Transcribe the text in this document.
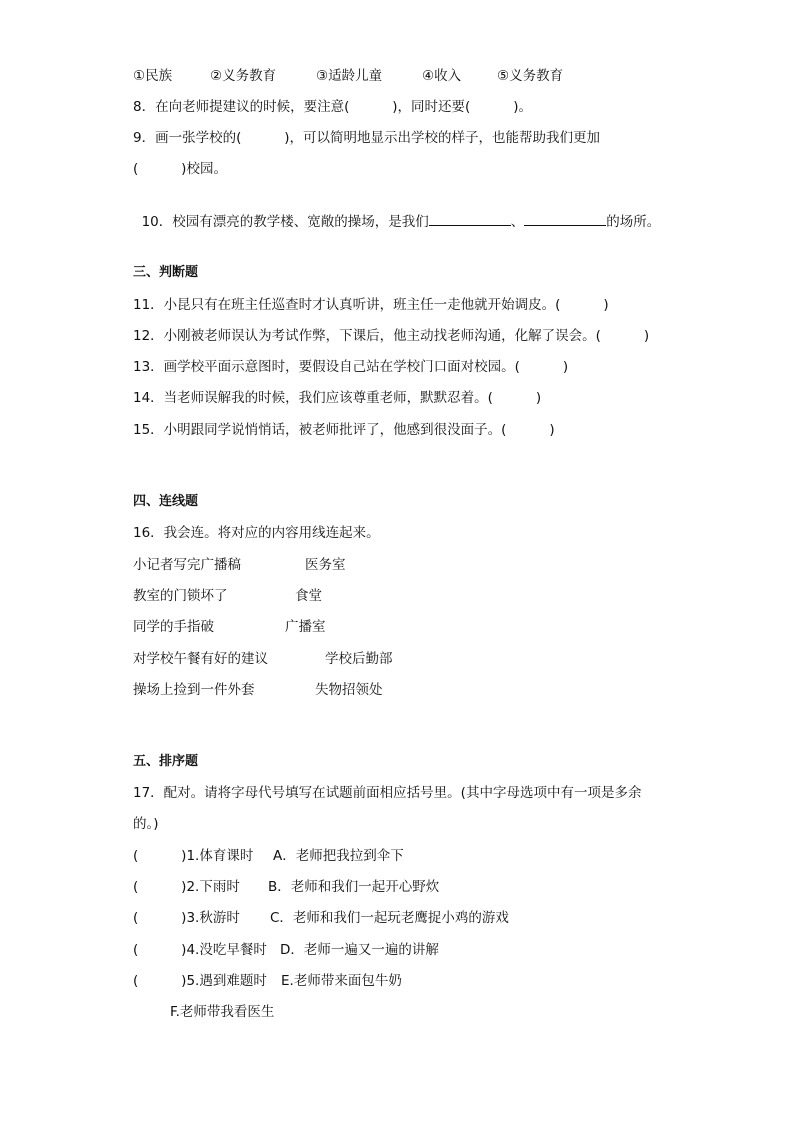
①民族

	②义务教育

	③适龄儿童

	④收入

	⑤义务教育

8．在向老师提建议的时候，要注意(          )，同时还要(          )。
9．画一张学校的(          )，可以简明地显示出学校的样子，也能帮助我们更加
(          )校园。

10．校园有漂亮的教学楼、宽敞的操场，是我们	、	的场所。

三、判断题
11．小昆只有在班主任巡查时才认真听讲，班主任一走他就开始调皮。(          )
12．小刚被老师误认为考试作弊，下课后，他主动找老师沟通，化解了误会。(          )
13．画学校平面示意图时，要假设自己站在学校门口面对校园。(          )
14．当老师误解我的时候，我们应该尊重老师，默默忍着。(          )
15．小明跟同学说悄悄话，被老师批评了，他感到很没面子。(          )
四、连线题
16．我会连。将对应的内容用线连起来。

小记者写完广播稿

	医务室

教室的门锁坏了

	食堂

同学的手指破

	广播室

对学校午餐有好的建议

	学校后勤部

操场上捡到一件外套

	失物招领处

五、排序题
17．配对。请将字母代号填写在试题前面相应括号里。(其中字母选项中有一项是多余
的。)

(          )1.体育课时

A．老师把我拉到伞下

(          )2.下雨时

B．老师和我们一起开心野炊

(          )3.秋游时

C．老师和我们一起玩老鹰捉小鸡的游戏

(          )4.没吃早餐时

D．老师一遍又一遍的讲解

(          )5.遇到难题时

E.老师带来面包牛奶

F.老师带我看医生
